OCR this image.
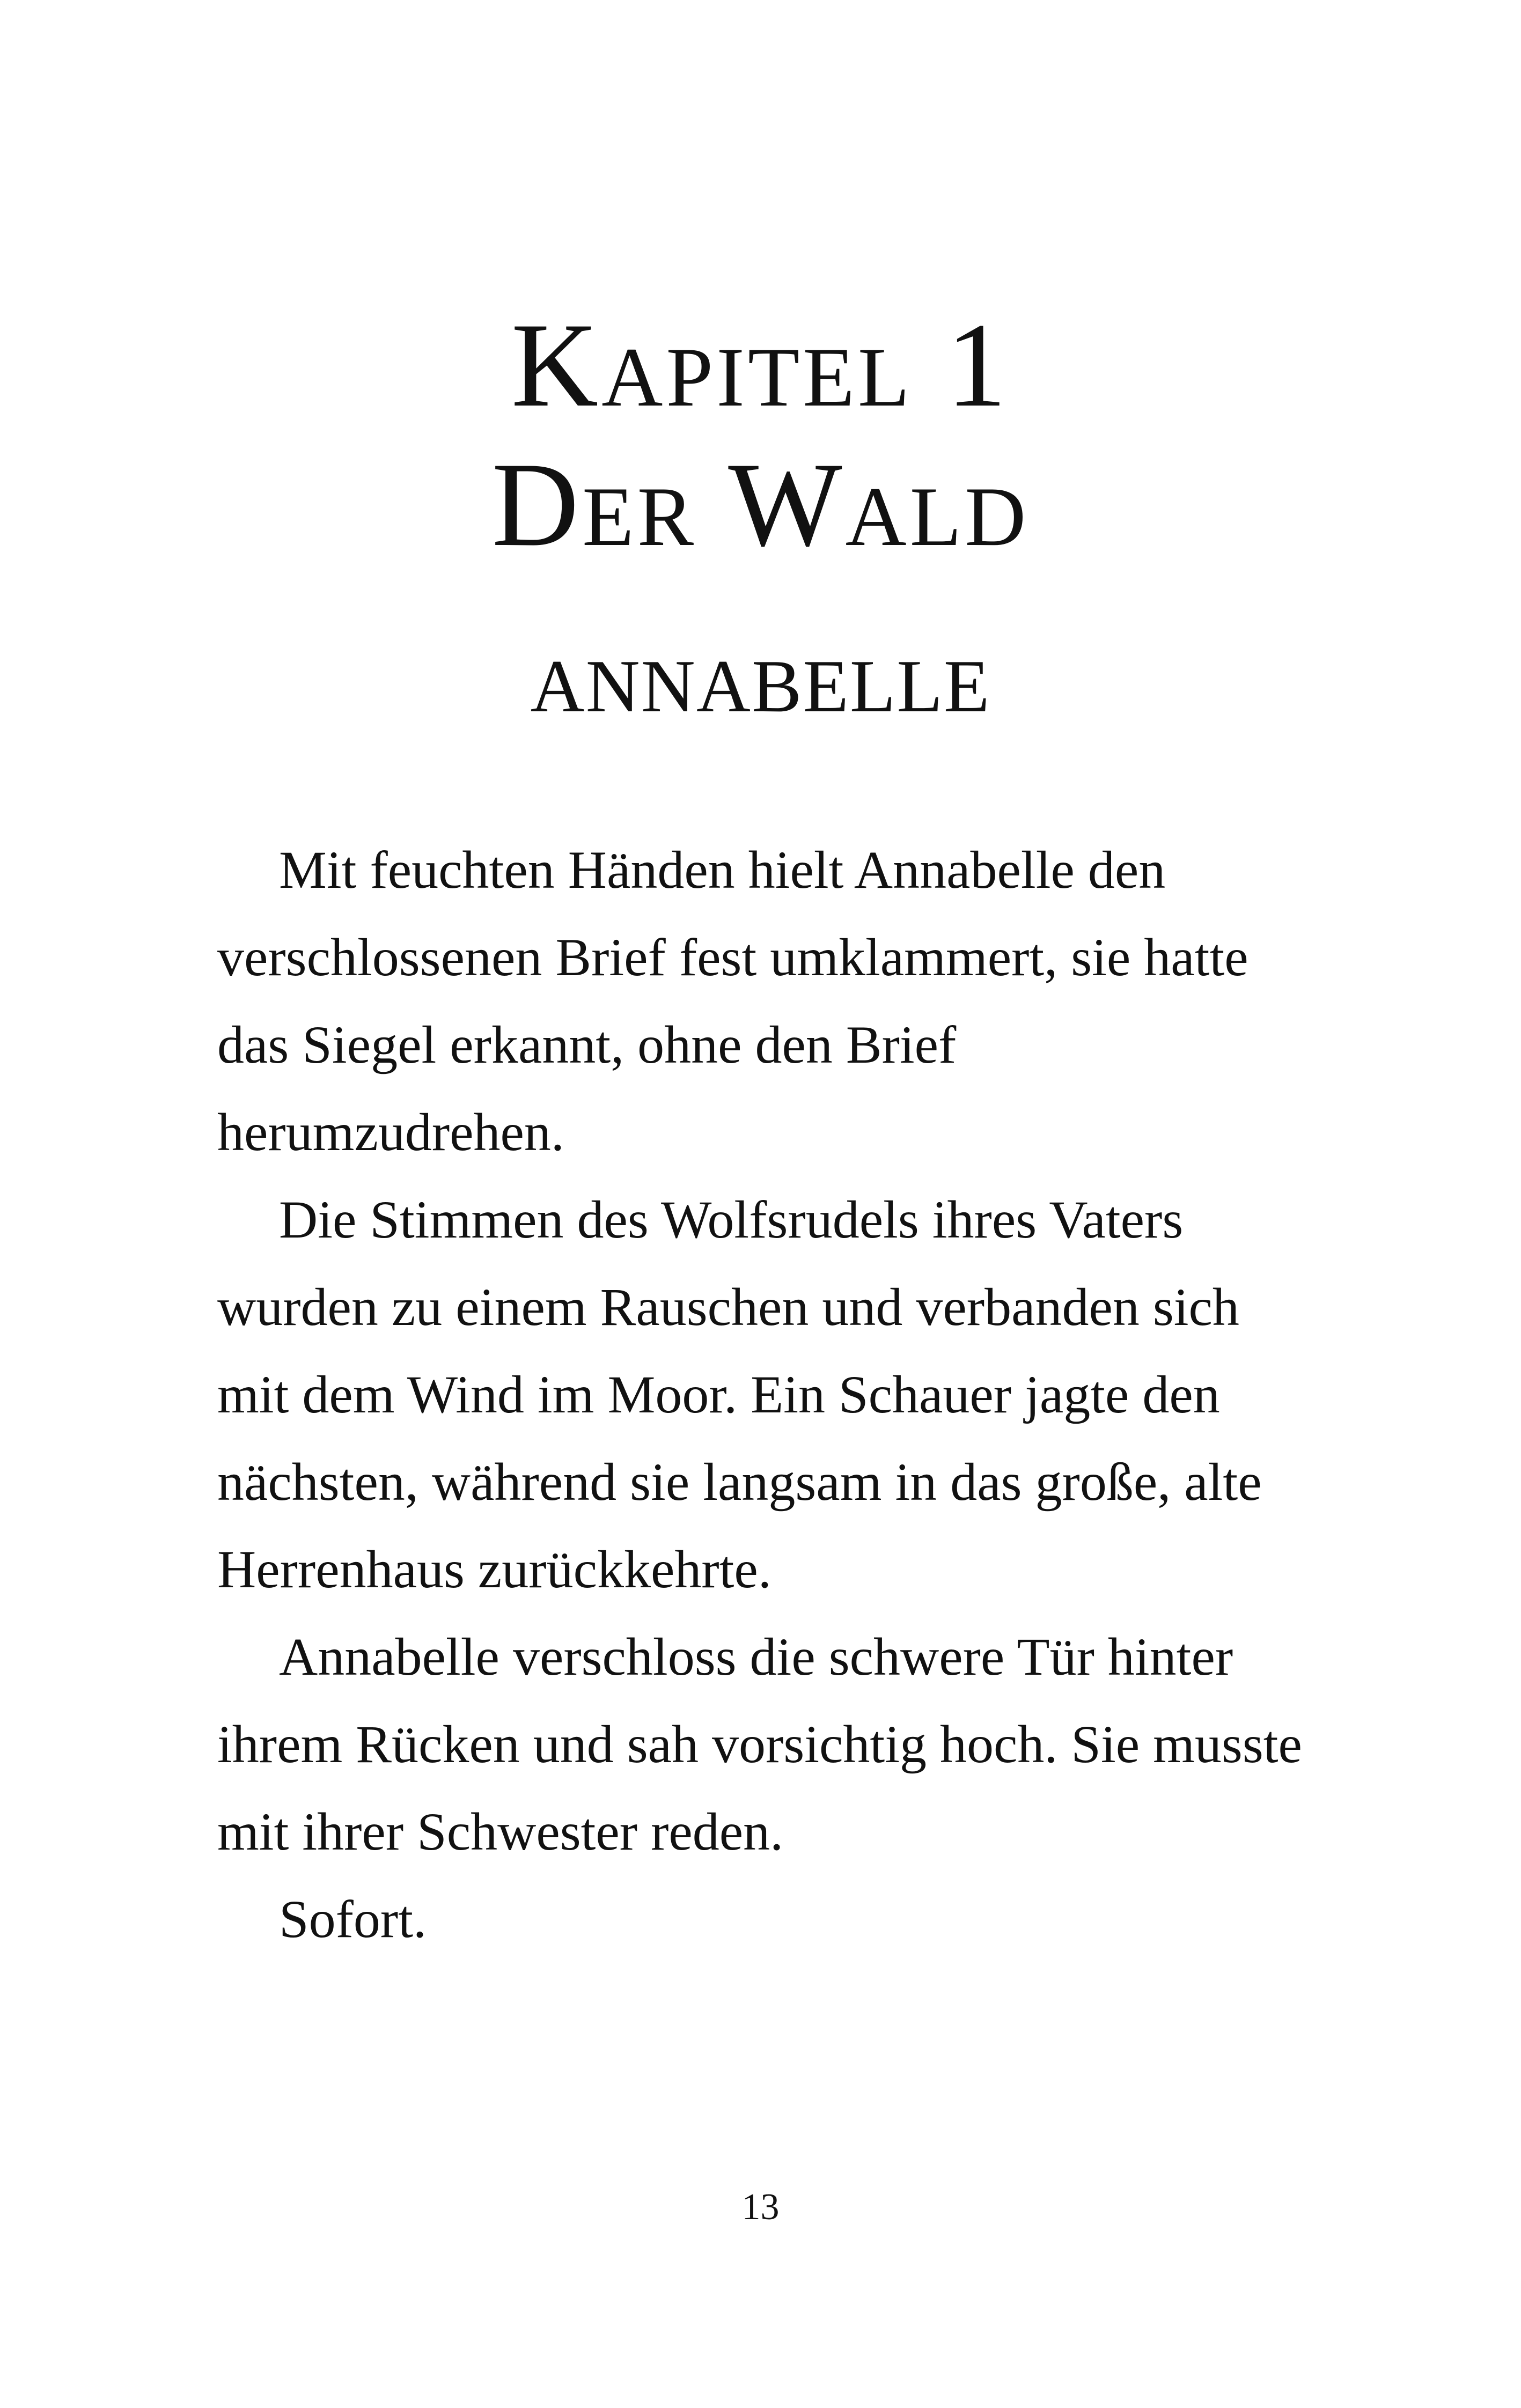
Kapitel 1
Der Wald
ANNABELLE

Mit feuchten Händen hielt Annabelle den verschlossenen Brief fest umklammert, sie hatte das Siegel erkannt, ohne den Brief herumzudrehen.

Die Stimmen des Wolfsrudels ihres Vaters wurden zu einem Rauschen und verbanden sich mit dem Wind im Moor. Ein Schauer jagte den nächsten, während sie langsam in das große, alte Herrenhaus zurückkehrte.

Annabelle verschloss die schwere Tür hinter ihrem Rücken und sah vorsichtig hoch. Sie musste mit ihrer Schwester reden.

Sofort.

13
